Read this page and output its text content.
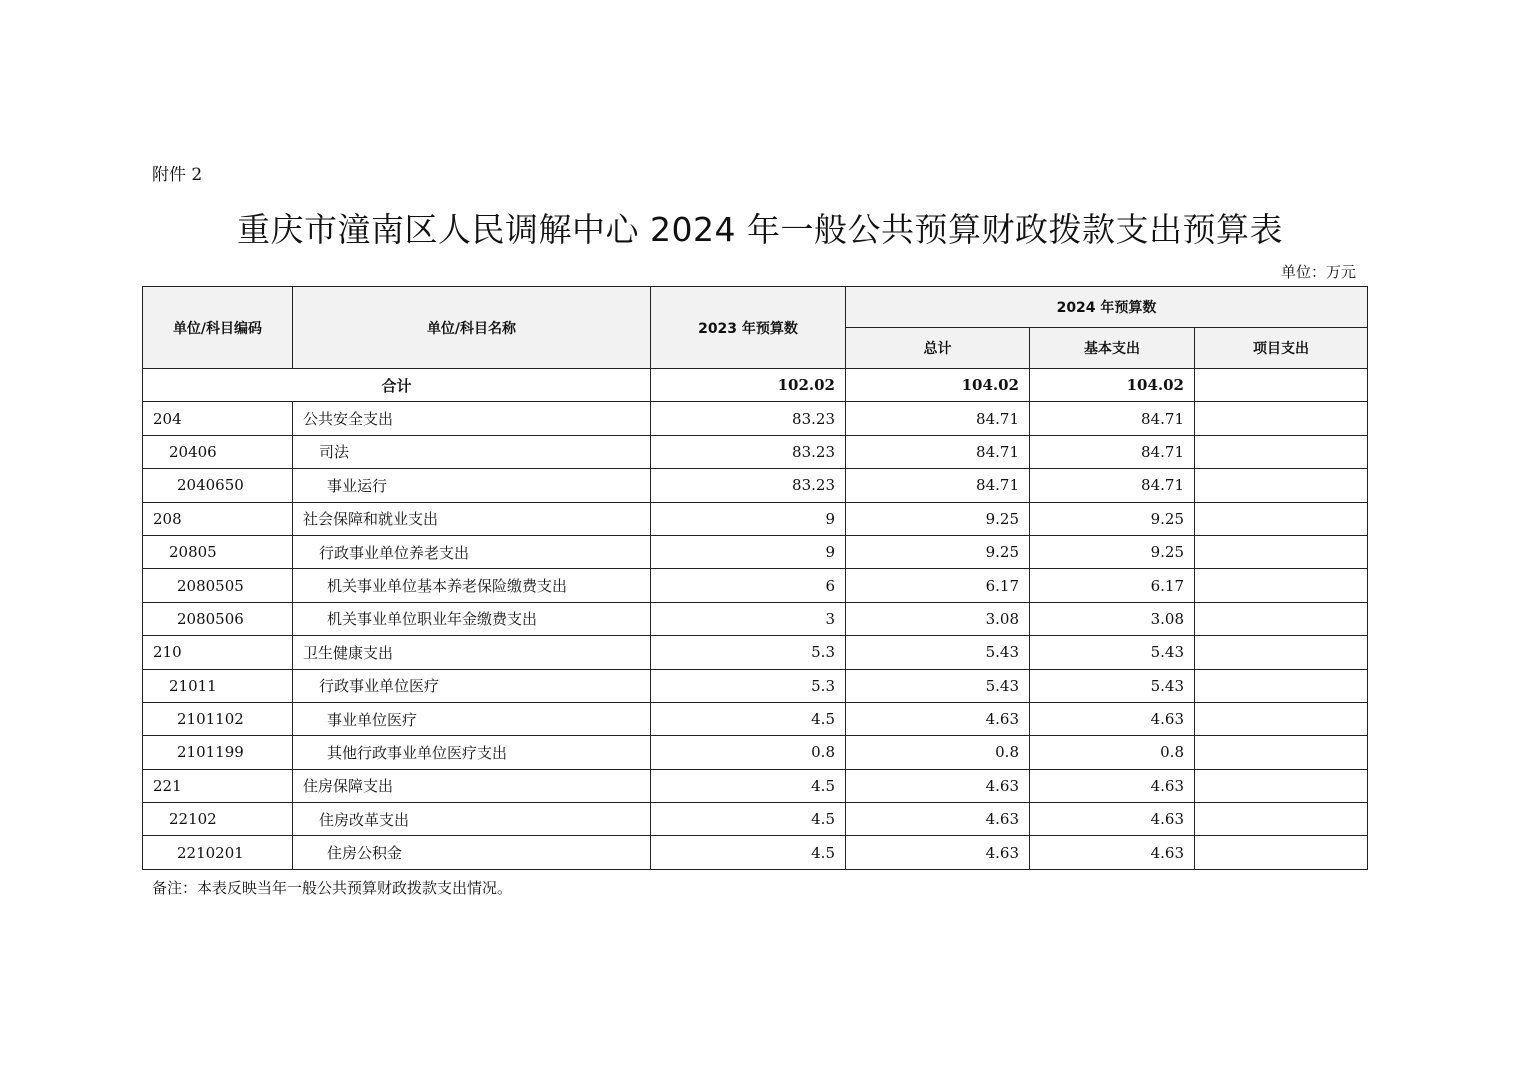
附件 2
重庆市潼南区人民调解中心 2024 年一般公共预算财政拨款支出预算表
单位：万元
单位/科目编码	单位/科目名称	2023 年预算数	2024 年预算数		
			总计	基本支出	项目支出
合计		102.02	104.02	104.02	
204	公共安全支出	83.23	84.71	84.71	
20406	司法	83.23	84.71	84.71	
2040650	事业运行	83.23	84.71	84.71	
208	社会保障和就业支出	9	9.25	9.25	
20805	行政事业单位养老支出	9	9.25	9.25	
2080505	机关事业单位基本养老保险缴费支出	6	6.17	6.17	
2080506	机关事业单位职业年金缴费支出	3	3.08	3.08	
210	卫生健康支出	5.3	5.43	5.43	
21011	行政事业单位医疗	5.3	5.43	5.43	
2101102	事业单位医疗	4.5	4.63	4.63	
2101199	其他行政事业单位医疗支出	0.8	0.8	0.8	
221	住房保障支出	4.5	4.63	4.63	
22102	住房改革支出	4.5	4.63	4.63	
2210201	住房公积金	4.5	4.63	4.63	
备注：本表反映当年一般公共预算财政拨款支出情况。
